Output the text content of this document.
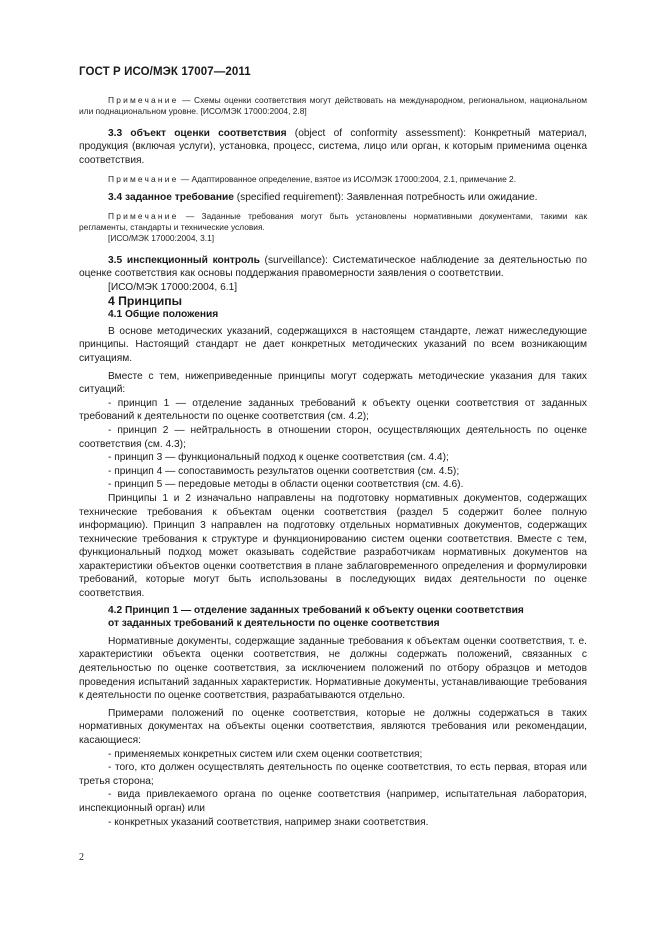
ГОСТ Р ИСО/МЭК 17007—2011

Примечание — Схемы оценки соответствия могут действовать на международном, региональном, национальном или поднациональном уровне. [ИСО/МЭК 17000:2004, 2.8]

3.3 объект оценки соответствия (object of conformity assessment): Конкретный материал, продукция (включая услуги), установка, процесс, система, лицо или орган, к которым применима оценка соответствия.

Примечание — Адаптированное определение, взятое из ИСО/МЭК 17000:2004, 2.1, примечание 2.

3.4 заданное требование (specified requirement): Заявленная потребность или ожидание.

Примечание — Заданные требования могут быть установлены нормативными документами, такими как регламенты, стандарты и технические условия.

[ИСО/МЭК 17000:2004, 3.1]

3.5 инспекционный контроль (surveillance): Систематическое наблюдение за деятельностью по оценке соответствия как основы поддержания правомерности заявления о соответствии.

[ИСО/МЭК 17000:2004, 6.1]

4 Принципы

4.1 Общие положения

В основе методических указаний, содержащихся в настоящем стандарте, лежат нижеследующие принципы. Настоящий стандарт не дает конкретных методических указаний по всем возникающим ситуациям.

Вместе с тем, нижеприведенные принципы могут содержать методические указания для таких ситуаций:

- принцип 1 — отделение заданных требований к объекту оценки соответствия от заданных требований к деятельности по оценке соответствия (см. 4.2);

- принцип 2 — нейтральность в отношении сторон, осуществляющих деятельность по оценке соответствия (см. 4.3);

- принцип 3 — функциональный подход к оценке соответствия (см. 4.4);

- принцип 4 — сопоставимость результатов оценки соответствия (см. 4.5);

- принцип 5 — передовые методы в области оценки соответствия (см. 4.6).

Принципы 1 и 2 изначально направлены на подготовку нормативных документов, содержащих технические требования к объектам оценки соответствия (раздел 5 содержит более полную информацию). Принцип 3 направлен на подготовку отдельных нормативных документов, содержащих технические требования к структуре и функционированию систем оценки соответствия. Вместе с тем, функциональный подход может оказывать содействие разработчикам нормативных документов на характеристики объектов оценки соответствия в плане заблаговременного определения и формулировки требований, которые могут быть использованы в последующих видах деятельности по оценке соответствия.

4.2 Принцип 1 — отделение заданных требований к объекту оценки соответствия

от заданных требований к деятельности по оценке соответствия

Нормативные документы, содержащие заданные требования к объектам оценки соответствия, т. е. характеристики объекта оценки соответствия, не должны содержать положений, связанных с деятельностью по оценке соответствия, за исключением положений по отбору образцов и методов проведения испытаний заданных характеристик. Нормативные документы, устанавливающие требования к деятельности по оценке соответствия, разрабатываются отдельно.

Примерами положений по оценке соответствия, которые не должны содержаться в таких нормативных документах на объекты оценки соответствия, являются требования или рекомендации, касающиеся:

- применяемых конкретных систем или схем оценки соответствия;

- того, кто должен осуществлять деятельность по оценке соответствия, то есть первая, вторая или третья сторона;

- вида привлекаемого органа по оценке соответствия (например, испытательная лаборатория, инспекционный орган) или

- конкретных указаний соответствия, например знаки соответствия.

2
